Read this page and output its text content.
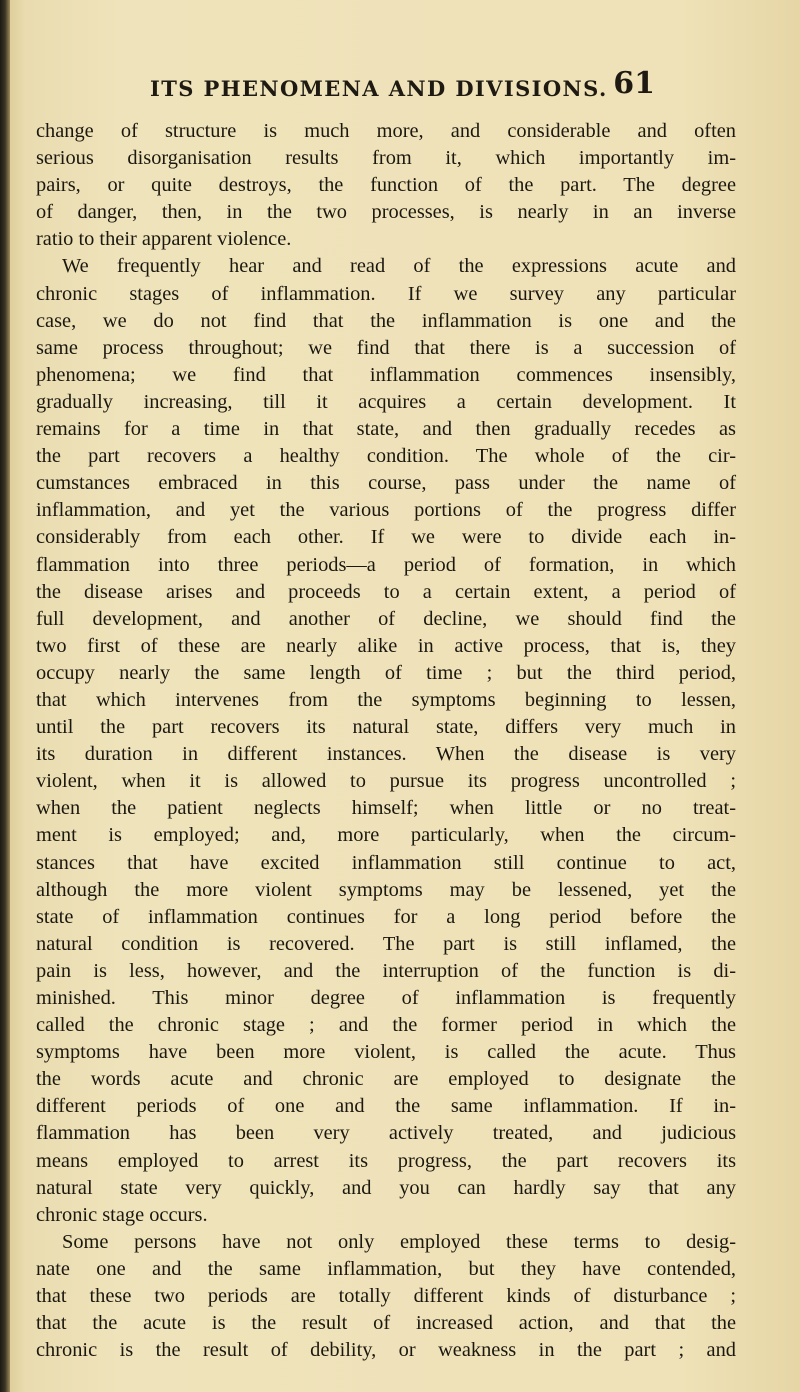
ITS PHENOMENA AND DIVISIONS. 61
change of structure is much more, and considerable and often
serious disorganisation results from it, which importantly im-
pairs, or quite destroys, the function of the part. The degree
of danger, then, in the two processes, is nearly in an inverse
ratio to their apparent violence.
We frequently hear and read of the expressions acute and
chronic stages of inflammation. If we survey any particular
case, we do not find that the inflammation is one and the
same process throughout; we find that there is a succession of
phenomena; we find that inflammation commences insensibly,
gradually increasing, till it acquires a certain development. It
remains for a time in that state, and then gradually recedes as
the part recovers a healthy condition. The whole of the cir-
cumstances embraced in this course, pass under the name of
inflammation, and yet the various portions of the progress differ
considerably from each other. If we were to divide each in-
flammation into three periods—a period of formation, in which
the disease arises and proceeds to a certain extent, a period of
full development, and another of decline, we should find the
two first of these are nearly alike in active process, that is, they
occupy nearly the same length of time ; but the third period,
that which intervenes from the symptoms beginning to lessen,
until the part recovers its natural state, differs very much in
its duration in different instances. When the disease is very
violent, when it is allowed to pursue its progress uncontrolled ;
when the patient neglects himself; when little or no treat-
ment is employed; and, more particularly, when the circum-
stances that have excited inflammation still continue to act,
although the more violent symptoms may be lessened, yet the
state of inflammation continues for a long period before the
natural condition is recovered. The part is still inflamed, the
pain is less, however, and the interruption of the function is di-
minished. This minor degree of inflammation is frequently
called the chronic stage ; and the former period in which the
symptoms have been more violent, is called the acute. Thus
the words acute and chronic are employed to designate the
different periods of one and the same inflammation. If in-
flammation has been very actively treated, and judicious
means employed to arrest its progress, the part recovers its
natural state very quickly, and you can hardly say that any
chronic stage occurs.
Some persons have not only employed these terms to desig-
nate one and the same inflammation, but they have contended,
that these two periods are totally different kinds of disturbance ;
that the acute is the result of increased action, and that the
chronic is the result of debility, or weakness in the part ; and
